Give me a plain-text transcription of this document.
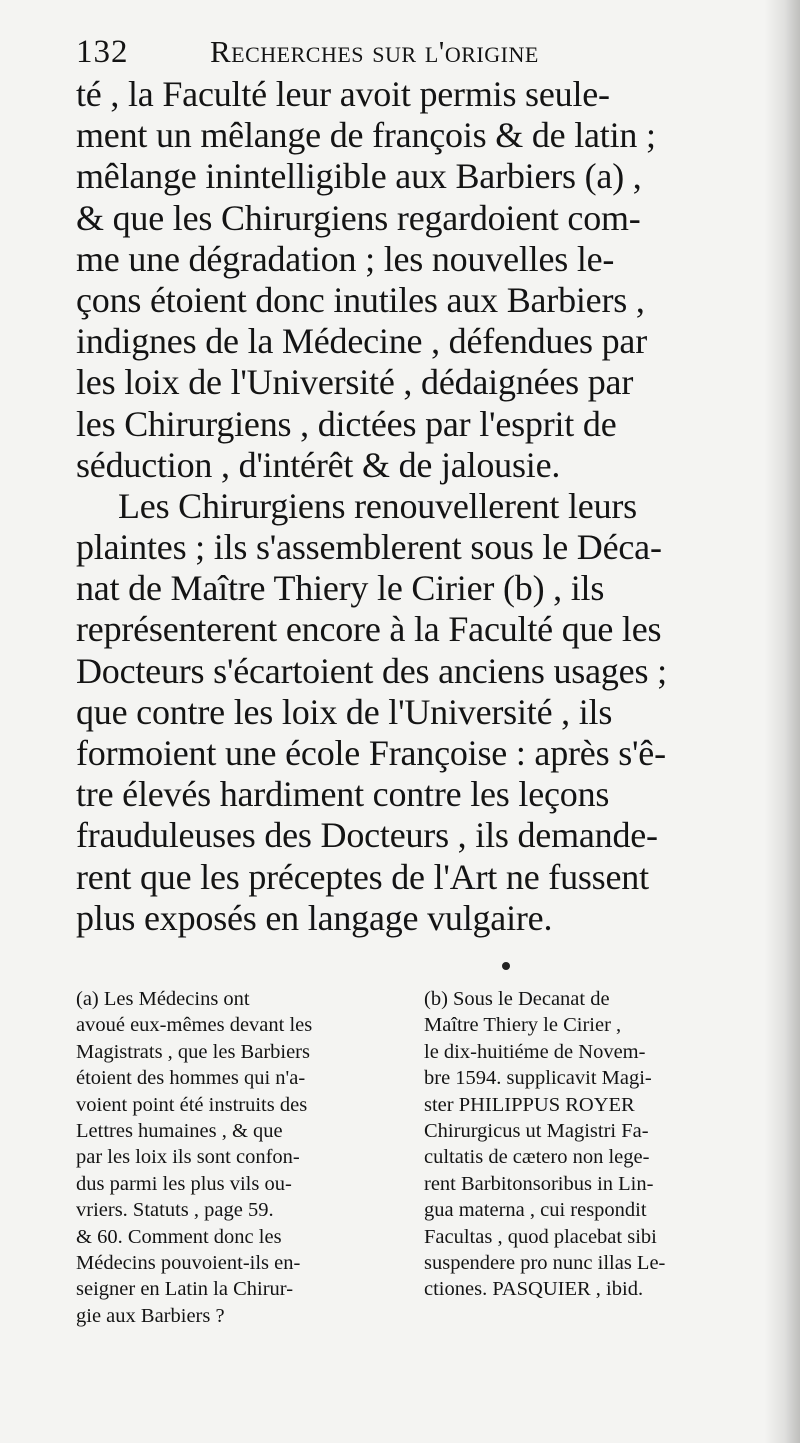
132	Recherches sur l'origine
té , la Faculté leur avoit permis seule-
ment un mêlange de françois & de latin ;
mêlange inintelligible aux Barbiers (a) ,
& que les Chirurgiens regardoient com-
me une dégradation ; les nouvelles le-
çons étoient donc inutiles aux Barbiers ,
indignes de la Médecine , défendues par
les loix de l'Université , dédaignées par
les Chirurgiens , dictées par l'esprit de
séduction , d'intérêt & de jalousie.
Les Chirurgiens renouvellerent leurs
plaintes ; ils s'assemblerent sous le Déca-
nat de Maître Thiery le Cirier (b) , ils
représenterent encore à la Faculté que les
Docteurs s'écartoient des anciens usages ;
que contre les loix de l'Université , ils
formoient une école Françoise : après s'ê-
tre élevés hardiment contre les leçons
frauduleuses des Docteurs , ils demande-
rent que les préceptes de l'Art ne fussent
plus exposés en langage vulgaire.
(a) Les Médecins ont
avoué eux-mêmes devant les
Magistrats , que les Barbiers
étoient des hommes qui n'a-
voient point été instruits des
Lettres humaines , & que
par les loix ils sont confon-
dus parmi les plus vils ou-
vriers. Statuts , page 59.
& 60. Comment donc les
Médecins pouvoient-ils en-
seigner en Latin la Chirur-
gie aux Barbiers ?
(b) Sous le Decanat de
Maître Thiery le Cirier ,
le dix-huitiéme de Novem-
bre 1594. supplicavit Magi-
ster PHILIPPUS ROYER
Chirurgicus ut Magistri Fa-
cultatis de cætero non lege-
rent Barbitonsoribus in Lin-
gua materna , cui respondit
Facultas , quod placebat sibi
suspendere pro nunc illas Le-
ctiones. PASQUIER , ibid.
